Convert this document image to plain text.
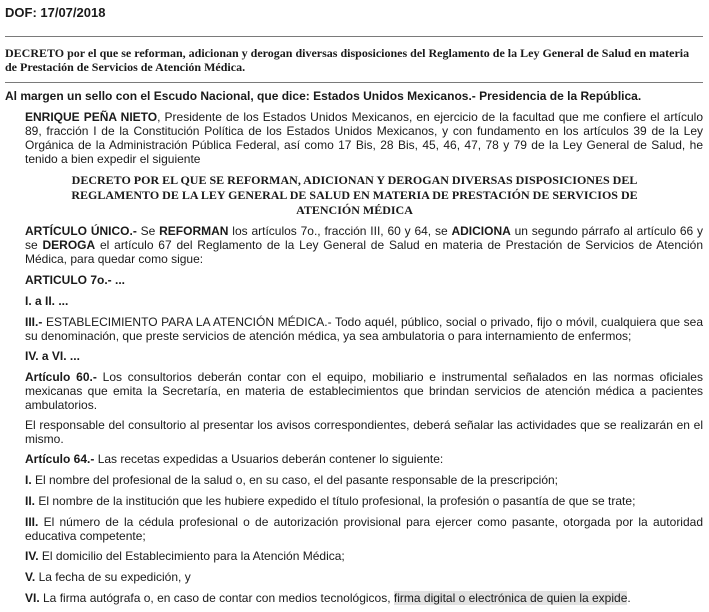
DOF: 17/07/2018
DECRETO por el que se reforman, adicionan y derogan diversas disposiciones del Reglamento de la Ley General de Salud en materia de Prestación de Servicios de Atención Médica.
Al margen un sello con el Escudo Nacional, que dice: Estados Unidos Mexicanos.- Presidencia de la República.
ENRIQUE PEÑA NIETO, Presidente de los Estados Unidos Mexicanos, en ejercicio de la facultad que me confiere el artículo 89, fracción I de la Constitución Política de los Estados Unidos Mexicanos, y con fundamento en los artículos 39 de la Ley Orgánica de la Administración Pública Federal, así como 17 Bis, 28 Bis, 45, 46, 47, 78 y 79 de la Ley General de Salud, he tenido a bien expedir el siguiente
DECRETO POR EL QUE SE REFORMAN, ADICIONAN Y DEROGAN DIVERSAS DISPOSICIONES DEL REGLAMENTO DE LA LEY GENERAL DE SALUD EN MATERIA DE PRESTACIÓN DE SERVICIOS DE ATENCIÓN MÉDICA
ARTÍCULO ÚNICO.- Se REFORMAN los artículos 7o., fracción III, 60 y 64, se ADICIONA un segundo párrafo al artículo 66 y se DEROGA el artículo 67 del Reglamento de la Ley General de Salud en materia de Prestación de Servicios de Atención Médica, para quedar como sigue:
ARTICULO 7o.- ...
I. a II. ...
III.- ESTABLECIMIENTO PARA LA ATENCIÓN MÉDICA.- Todo aquél, público, social o privado, fijo o móvil, cualquiera que sea su denominación, que preste servicios de atención médica, ya sea ambulatoria o para internamiento de enfermos;
IV. a VI. ...
Artículo 60.- Los consultorios deberán contar con el equipo, mobiliario e instrumental señalados en las normas oficiales mexicanas que emita la Secretaría, en materia de establecimientos que brindan servicios de atención médica a pacientes ambulatorios.
El responsable del consultorio al presentar los avisos correspondientes, deberá señalar las actividades que se realizarán en el mismo.
Artículo 64.- Las recetas expedidas a Usuarios deberán contener lo siguiente:
I. El nombre del profesional de la salud o, en su caso, el del pasante responsable de la prescripción;
II. El nombre de la institución que les hubiere expedido el título profesional, la profesión o pasantía de que se trate;
III. El número de la cédula profesional o de autorización provisional para ejercer como pasante, otorgada por la autoridad educativa competente;
IV. El domicilio del Establecimiento para la Atención Médica;
V. La fecha de su expedición, y
VI. La firma autógrafa o, en caso de contar con medios tecnológicos, firma digital o electrónica de quien la expide.
